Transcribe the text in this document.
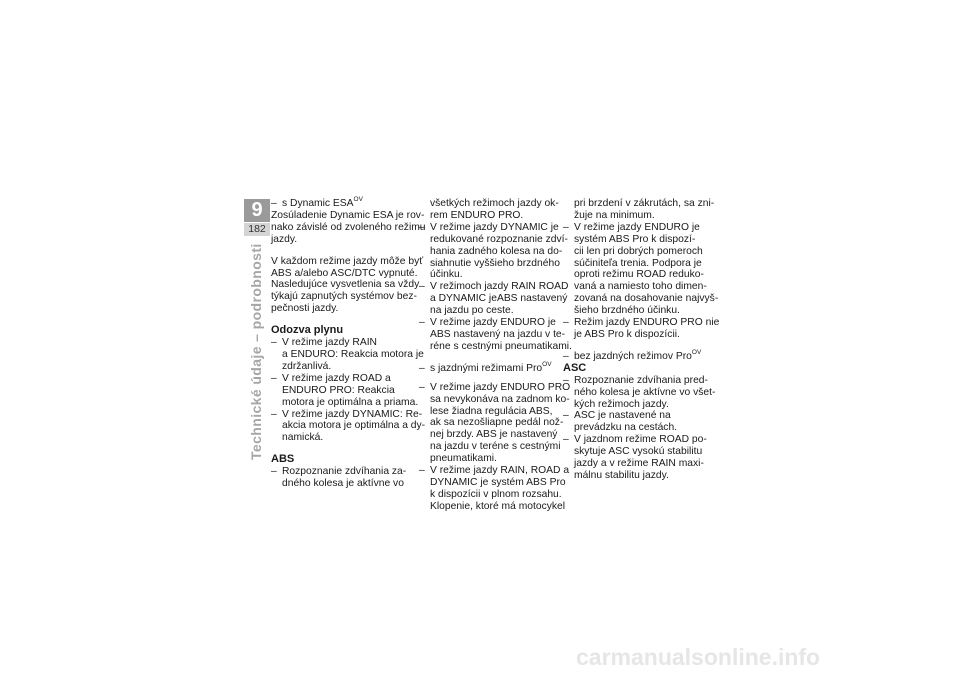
9
182
Technické údaje – podrobnosti
– s Dynamic $ESA^{OV}$
Zosúladenie Dynamic ESA je rov-
nako závislé od zvoleného režimu
jazdy.
V každom režime jazdy môže byť
ABS a/alebo ASC/DTC vypnuté.
Nasledujúce vysvetlenia sa vždy
týkajú zapnutých systémov bez-
pečnosti jazdy.
Odozva plynu
– V režime jazdy RAIN
a ENDURO: Reakcia motora je
zdržanlivá.
– V režime jazdy ROAD a
ENDURO PRO: Reakcia
motora je optimálna a priama.
– V režime jazdy DYNAMIC: Re-
akcia motora je optimálna a dy-
namická.
ABS
– Rozpoznanie zdvíhania za-
dného kolesa je aktívne vo
všetkých režimoch jazdy ok-
rem ENDURO PRO.
– V režime jazdy DYNAMIC je
redukované rozpoznanie zdví-
hania zadného kolesa na do-
siahnutie vyššieho brzdného
účinku.
– V režimoch jazdy RAIN ROAD
a DYNAMIC jeABS nastavený
na jazdu po ceste.
– V režime jazdy ENDURO je
ABS nastavený na jazdu v te-
réne s cestnými pneumatikami.
– s jazdnými režimami Pro$^{OV}$
– V režime jazdy ENDURO PRO
sa nevykonáva na zadnom ko-
lese žiadna regulácia ABS,
ak sa nezošliapne pedál nož-
nej brzdy. ABS je nastavený
na jazdu v teréne s cestnými
pneumatikami.
– V režime jazdy RAIN, ROAD a
DYNAMIC je systém ABS Pro
k dispozícii v plnom rozsahu.
Klopenie, ktoré má motocykel
pri brzdení v zákrutách, sa zni-
žuje na minimum.
– V režime jazdy ENDURO je
systém ABS Pro k dispozí-
cii len pri dobrých pomeroch
súčiniteľa trenia. Podpora je
oproti režimu ROAD reduko-
vaná a namiesto toho dimen-
zovaná na dosahovanie najvyš-
šieho brzdného účinku.
– Režim jazdy ENDURO PRO nie
je ABS Pro k dispozícii.
– bez jazdných režimov Pro$^{OV}$
ASC
– Rozpoznanie zdvíhania pred-
ného kolesa je aktívne vo všet-
kých režimoch jazdy.
– ASC je nastavené na
prevádzku na cestách.
– V jazdnom režime ROAD po-
skytuje ASC vysokú stabilitu
jazdy a v režime RAIN maxi-
málnu stabilitu jazdy.
carmanualsonline.info
